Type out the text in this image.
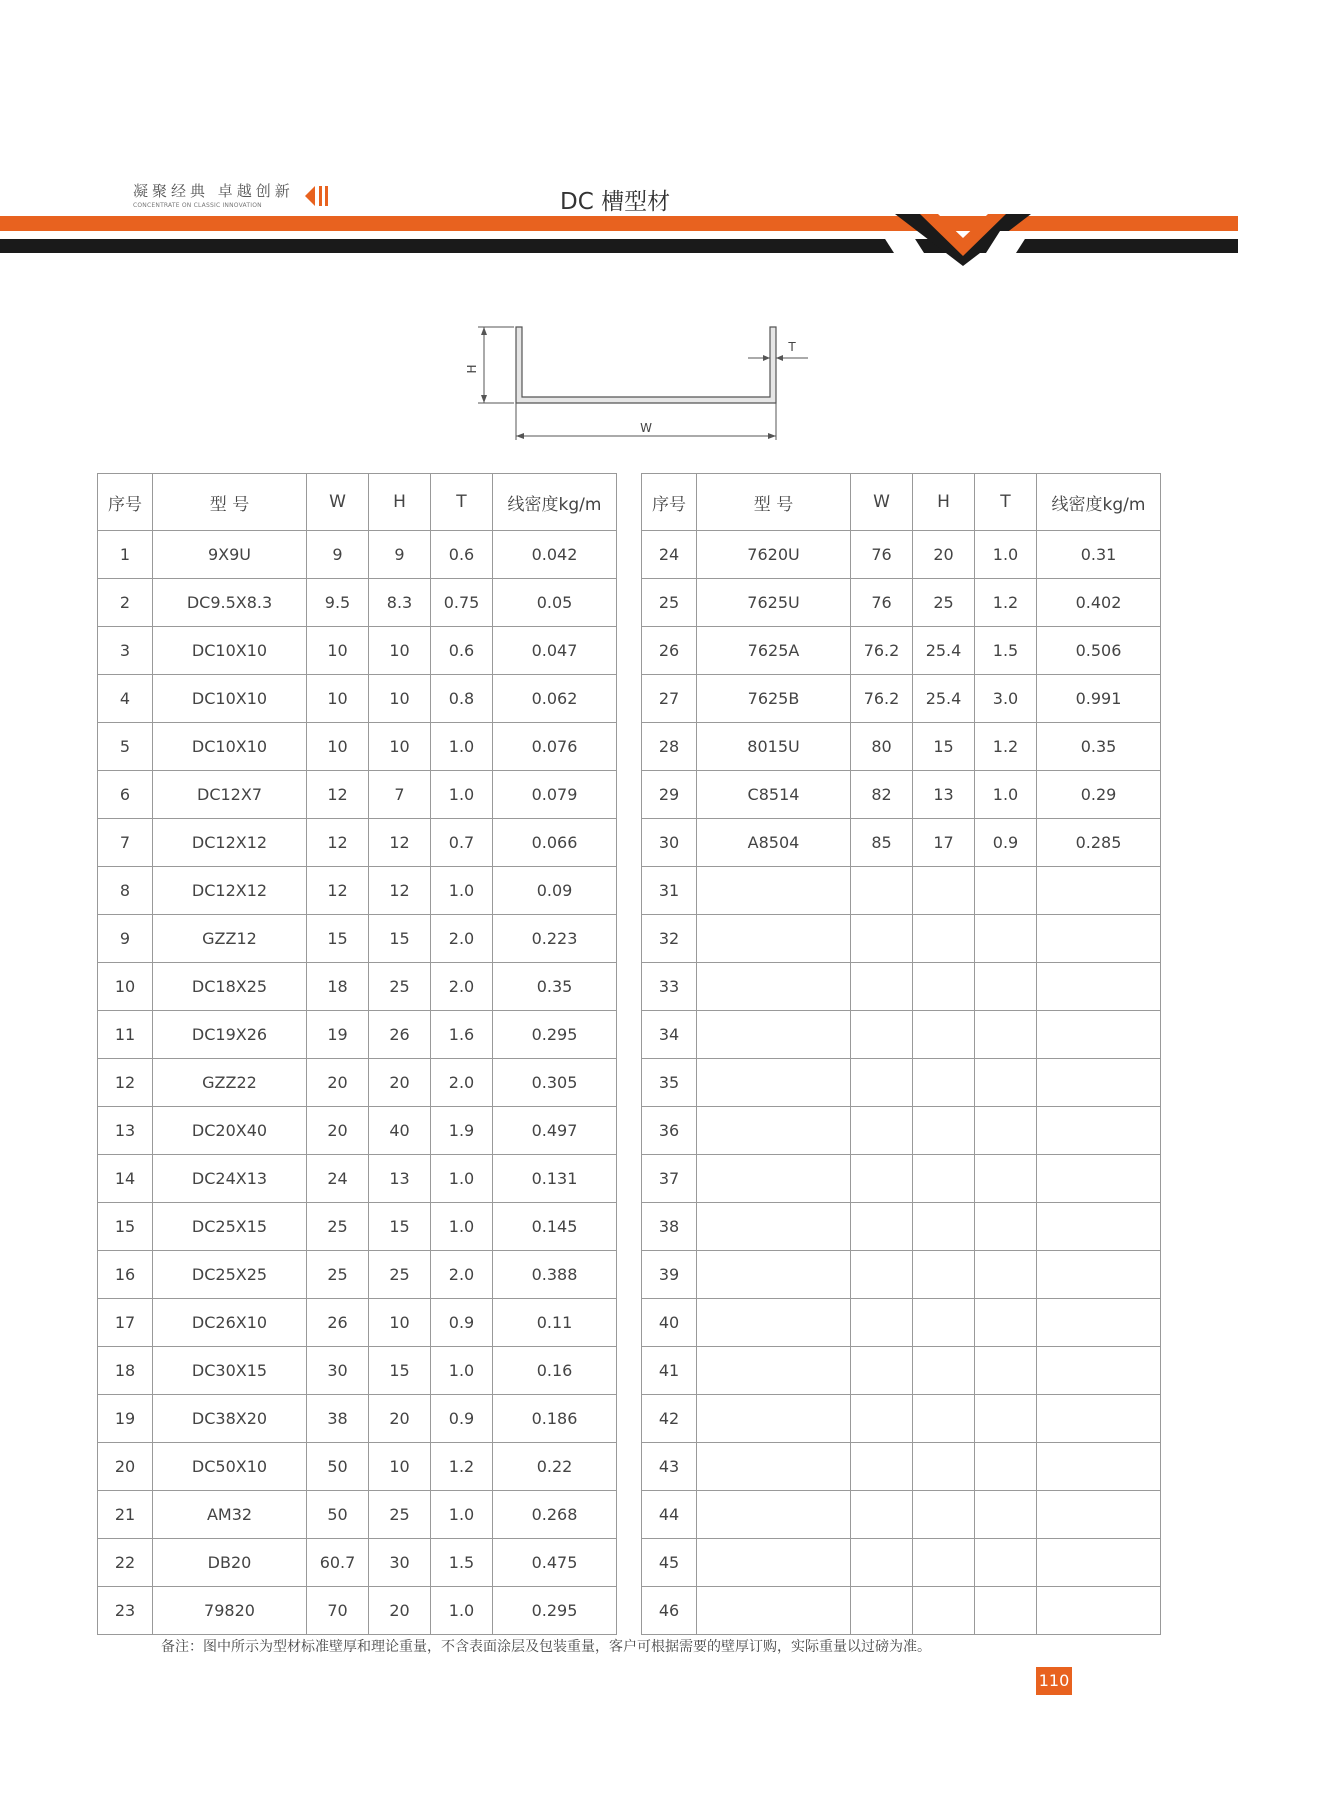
凝聚经典 卓越创新
CONCENTRATE ON CLASSIC INNOVATION	DC 槽型材
H
W
T
序号	型 号	W	H	T	线密度kg/m
1	9X9U	9	9	0.6	0.042
2	DC9.5X8.3	9.5	8.3	0.75	0.05
3	DC10X10	10	10	0.6	0.047
4	DC10X10	10	10	0.8	0.062
5	DC10X10	10	10	1.0	0.076
6	DC12X7	12	7	1.0	0.079
7	DC12X12	12	12	0.7	0.066
8	DC12X12	12	12	1.0	0.09
9	GZZ12	15	15	2.0	0.223
10	DC18X25	18	25	2.0	0.35
11	DC19X26	19	26	1.6	0.295
12	GZZ22	20	20	2.0	0.305
13	DC20X40	20	40	1.9	0.497
14	DC24X13	24	13	1.0	0.131
15	DC25X15	25	15	1.0	0.145
16	DC25X25	25	25	2.0	0.388
17	DC26X10	26	10	0.9	0.11
18	DC30X15	30	15	1.0	0.16
19	DC38X20	38	20	0.9	0.186
20	DC50X10	50	10	1.2	0.22
21	AM32	50	25	1.0	0.268
22	DB20	60.7	30	1.5	0.475
23	79820	70	20	1.0	0.295
序号	型 号	W	H	T	线密度kg/m
24	7620U	76	20	1.0	0.31
25	7625U	76	25	1.2	0.402
26	7625A	76.2	25.4	1.5	0.506
27	7625B	76.2	25.4	3.0	0.991
28	8015U	80	15	1.2	0.35
29	C8514	82	13	1.0	0.29
30	A8504	85	17	0.9	0.285
31					
32					
33					
34					
35					
36					
37					
38					
39					
40					
41					
42					
43					
44					
45					
46					
备注：图中所示为型材标准壁厚和理论重量，不含表面涂层及包装重量，客户可根据需要的壁厚订购，实际重量以过磅为准。
110
